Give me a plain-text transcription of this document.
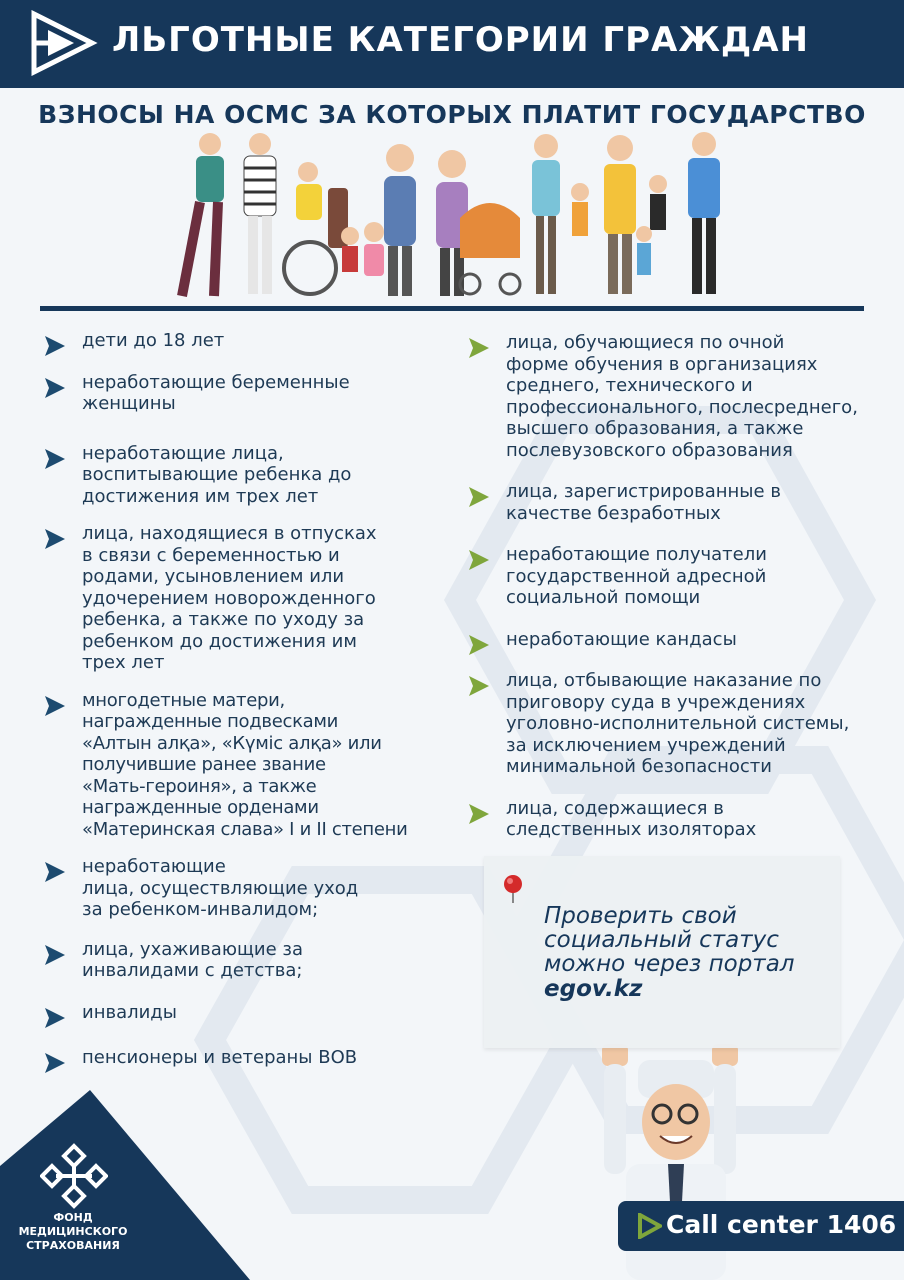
ЛЬГОТНЫЕ КАТЕГОРИИ ГРАЖДАН
ВЗНОСЫ НА ОСМС ЗА КОТОРЫХ ПЛАТИТ ГОСУДАРСТВО
дети до 18 лет
неработающие беременные
женщины
неработающие лица,
воспитывающие ребенка до
достижения им трех лет
лица, находящиеся в отпусках
в связи с беременностью и
родами, усыновлением или
удочерением новорожденного
ребенка, а также по уходу за
ребенком до достижения им
трех лет
многодетные матери,
награжденные подвесками
«Алтын алқа», «Күміс алқа» или
получившие ранее звание
«Мать-героиня», а также
награжденные орденами
«Материнская слава» I и II степени
неработающие
лица, осуществляющие уход
за ребенком-инвалидом;
лица, ухаживающие за
инвалидами с детства;
инвалиды
пенсионеры и ветераны ВОВ
лица, обучающиеся по очной
форме обучения в организациях
среднего, технического и
профессионального, послесреднего,
высшего образования, а также
послевузовского образования
лица, зарегистрированные в
качестве безработных
неработающие получатели
государственной адресной
социальной помощи
неработающие кандасы
лица, отбывающие наказание по
приговору суда в учреждениях
уголовно-исполнительной системы,
за исключением учреждений
минимальной безопасности
лица, содержащиеся в
следственных изоляторах
Проверить свой
социальный статус
можно через портал
egov.kz
ФОНД
МЕДИЦИНСКОГО
СТРАХОВАНИЯ
Call center 1406
